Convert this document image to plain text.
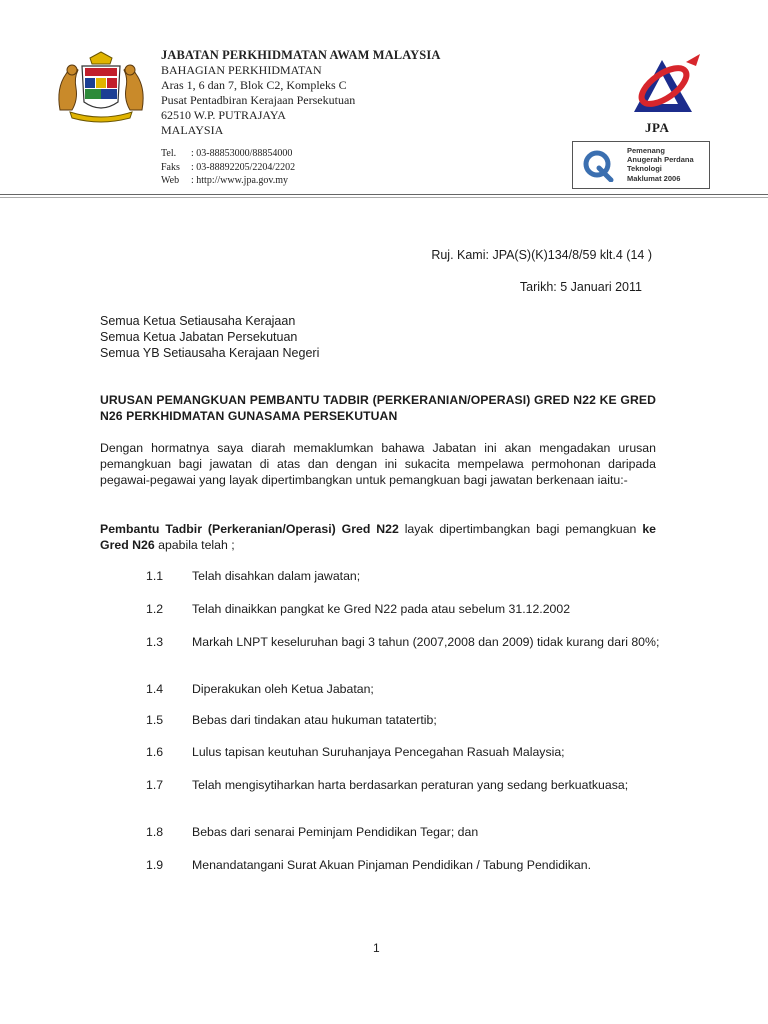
JABATAN PERKHIDMATAN AWAM MALAYSIA
BAHAGIAN PERKHIDMATAN
Aras 1, 6 dan 7, Blok C2, Kompleks C
Pusat Pentadbiran Kerajaan Persekutuan
62510 W.P. PUTRAJAYA
MALAYSIA
Tel. : 03-88853000/88854000
Faks : 03-88892205/2204/2202
Web : http://www.jpa.gov.my
JPA
Pemenang
Anugerah Perdana
Teknologi
Maklumat 2006
Ruj. Kami: JPA(S)(K)134/8/59 klt.4 (14 )
Tarikh: 5 Januari 2011
Semua Ketua Setiausaha Kerajaan
Semua Ketua Jabatan Persekutuan
Semua YB Setiausaha Kerajaan Negeri
URUSAN PEMANGKUAN PEMBANTU TADBIR (PERKERANIAN/OPERASI) GRED N22 KE GRED N26 PERKHIDMATAN GUNASAMA PERSEKUTUAN
Dengan hormatnya saya diarah memaklumkan bahawa Jabatan ini akan mengadakan urusan pemangkuan bagi jawatan di atas dan dengan ini sukacita mempelawa permohonan daripada pegawai-pegawai yang layak dipertimbangkan untuk pemangkuan bagi jawatan berkenaan iaitu:-
Pembantu Tadbir (Perkeranian/Operasi) Gred N22 layak dipertimbangkan bagi pemangkuan ke Gred N26 apabila telah ;
1.1 Telah disahkan dalam jawatan;
1.2 Telah dinaikkan pangkat ke Gred N22 pada atau sebelum 31.12.2002
1.3 Markah LNPT keseluruhan bagi 3 tahun (2007,2008 dan 2009) tidak kurang dari 80%;
1.4 Diperakukan oleh Ketua Jabatan;
1.5 Bebas dari tindakan atau hukuman tatatertib;
1.6 Lulus tapisan keutuhan Suruhanjaya Pencegahan Rasuah Malaysia;
1.7 Telah mengisytiharkan harta berdasarkan peraturan yang sedang berkuatkuasa;
1.8 Bebas dari senarai Peminjam Pendidikan Tegar; dan
1.9 Menandatangani Surat Akuan Pinjaman Pendidikan / Tabung Pendidikan.
1
